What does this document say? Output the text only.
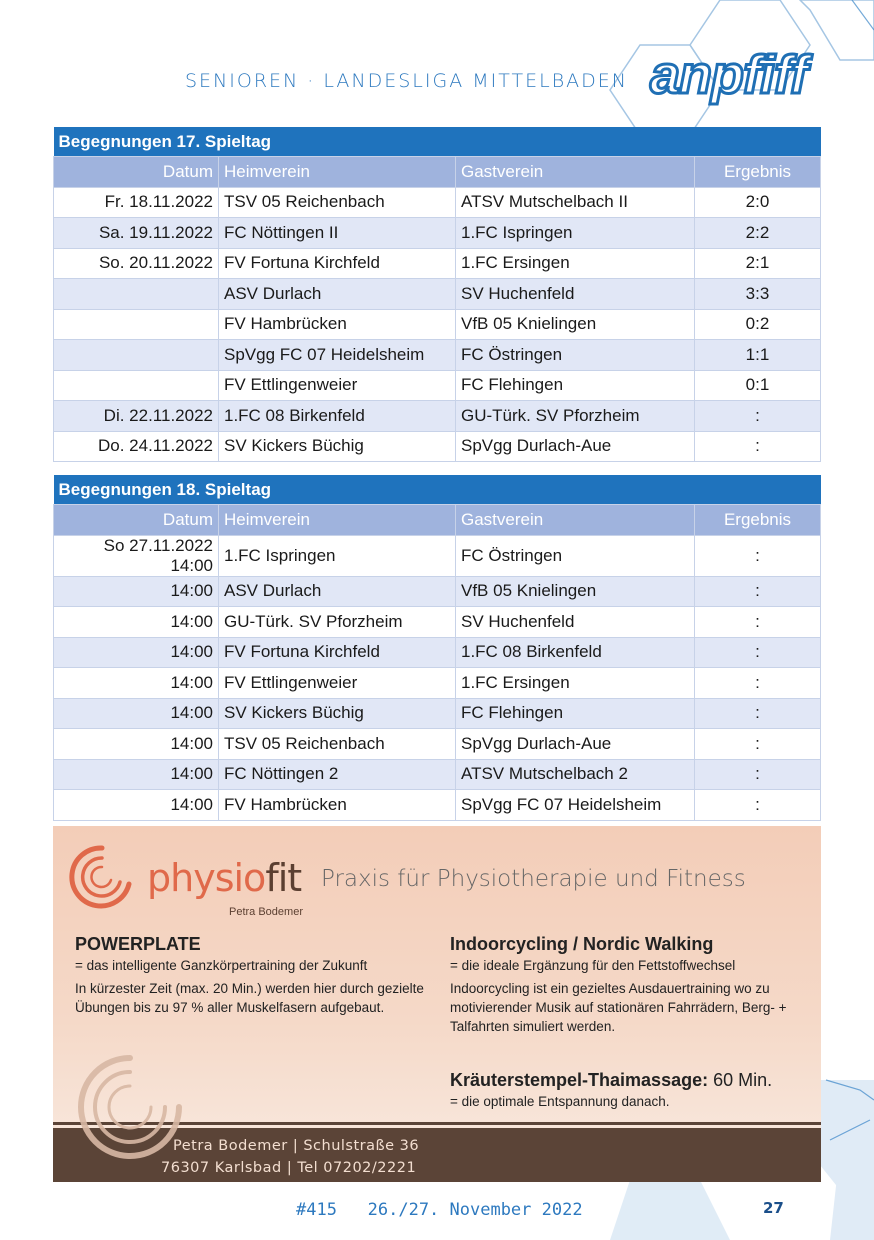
SENIOREN · LANDESLIGA MITTELBADEN anpfiff
Begegnungen 17. Spieltag			
Datum	Heimverein	Gastverein	Ergebnis
Fr. 18.11.2022	TSV 05 Reichenbach	ATSV Mutschelbach II	2:0
Sa. 19.11.2022	FC Nöttingen II	1.FC Ispringen	2:2
So. 20.11.2022	FV Fortuna Kirchfeld	1.FC Ersingen	2:1
	ASV Durlach	SV Huchenfeld	3:3
	FV Hambrücken	VfB 05 Knielingen	0:2
	SpVgg FC 07 Heidelsheim	FC Östringen	1:1
	FV Ettlingenweier	FC Flehingen	0:1
Di. 22.11.2022	1.FC 08 Birkenfeld	GU-Türk. SV Pforzheim	:
Do. 24.11.2022	SV Kickers Büchig	SpVgg Durlach-Aue	:
Begegnungen 18. Spieltag			
Datum	Heimverein	Gastverein	Ergebnis
So 27.11.2022 14:00	1.FC Ispringen	FC Östringen	:
14:00	ASV Durlach	VfB 05 Knielingen	:
14:00	GU-Türk. SV Pforzheim	SV Huchenfeld	:
14:00	FV Fortuna Kirchfeld	1.FC 08 Birkenfeld	:
14:00	FV Ettlingenweier	1.FC Ersingen	:
14:00	SV Kickers Büchig	FC Flehingen	:
14:00	TSV 05 Reichenbach	SpVgg Durlach-Aue	:
14:00	FC Nöttingen 2	ATSV Mutschelbach 2	:
14:00	FV Hambrücken	SpVgg FC 07 Heidelsheim	:
physiofit
Petra Bodemer
Praxis für Physiotherapie und Fitness
POWERPLATE

= das intelligente Ganzkörpertraining der Zukunft

In kürzester Zeit (max. 20 Min.) werden hier durch gezielte Übungen bis zu 97 % aller Muskelfasern aufgebaut.

Indoorcycling / Nordic Walking

= die ideale Ergänzung für den Fettstoffwechsel

Indoorcycling ist ein gezieltes Ausdauertraining wo zu motivierender Musik auf stationären Fahrrädern, Berg- + Talfahrten simuliert werden.

Kräuterstempel-Thaimassage: 60 Min.

= die optimale Entspannung danach.

Petra Bodemer | Schulstraße 36
76307 Karlsbad | Tel 07202/2221
#415   26./27. November 2022	27
